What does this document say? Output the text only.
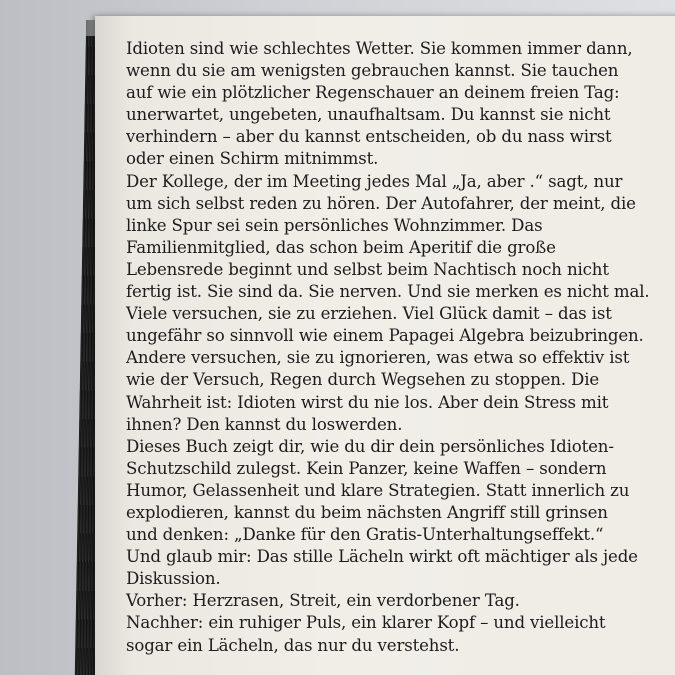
Idioten sind wie schlechtes Wetter. Sie kommen immer dann,
wenn du sie am wenigsten gebrauchen kannst. Sie tauchen
auf wie ein plötzlicher Regenschauer an deinem freien Tag:
unerwartet, ungebeten, unaufhaltsam. Du kannst sie nicht
verhindern – aber du kannst entscheiden, ob du nass wirst
oder einen Schirm mitnimmst.
Der Kollege, der im Meeting jedes Mal „Ja, aber .“ sagt, nur
um sich selbst reden zu hören. Der Autofahrer, der meint, die
linke Spur sei sein persönliches Wohnzimmer. Das
Familienmitglied, das schon beim Aperitif die große
Lebensrede beginnt und selbst beim Nachtisch noch nicht
fertig ist. Sie sind da. Sie nerven. Und sie merken es nicht mal.
Viele versuchen, sie zu erziehen. Viel Glück damit – das ist
ungefähr so sinnvoll wie einem Papagei Algebra beizubringen.
Andere versuchen, sie zu ignorieren, was etwa so effektiv ist
wie der Versuch, Regen durch Wegsehen zu stoppen. Die
Wahrheit ist: Idioten wirst du nie los. Aber dein Stress mit
ihnen? Den kannst du loswerden.
Dieses Buch zeigt dir, wie du dir dein persönliches Idioten-
Schutzschild zulegst. Kein Panzer, keine Waffen – sondern
Humor, Gelassenheit und klare Strategien. Statt innerlich zu
explodieren, kannst du beim nächsten Angriff still grinsen
und denken: „Danke für den Gratis-Unterhaltungseffekt.“
Und glaub mir: Das stille Lächeln wirkt oft mächtiger als jede
Diskussion.
Vorher: Herzrasen, Streit, ein verdorbener Tag.
Nachher: ein ruhiger Puls, ein klarer Kopf – und vielleicht
sogar ein Lächeln, das nur du verstehst.
